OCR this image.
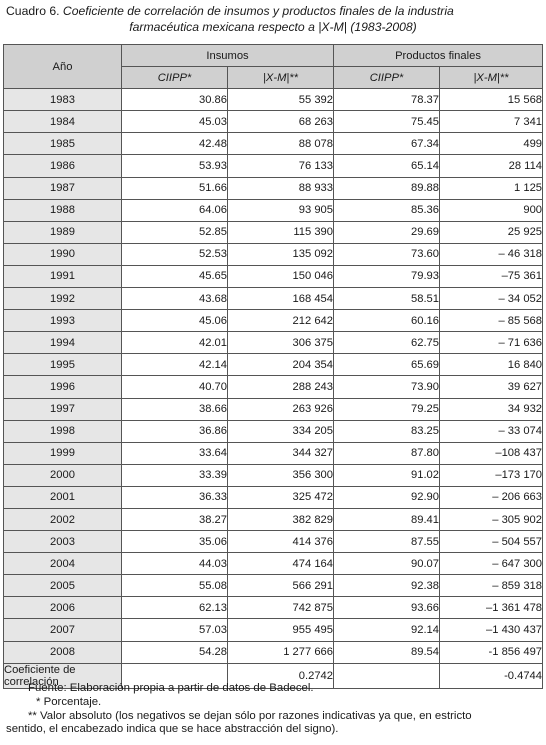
Cuadro 6. Coeficiente de correlación de insumos y productos finales de la industria
farmacéutica mexicana respecto a |X-M| (1983-2008)
Año	Insumos		Productos finales	
	CIIPP*	|X-M|**	CIIPP*	|X-M|**
1983	30.86	55 392	78.37	15 568
1984	45.03	68 263	75.45	7 341
1985	42.48	88 078	67.34	499
1986	53.93	76 133	65.14	28 114
1987	51.66	88 933	89.88	1 125
1988	64.06	93 905	85.36	900
1989	52.85	115 390	29.69	25 925
1990	52.53	135 092	73.60	– 46 318
1991	45.65	150 046	79.93	–75 361
1992	43.68	168 454	58.51	– 34 052
1993	45.06	212 642	60.16	– 85 568
1994	42.01	306 375	62.75	– 71 636
1995	42.14	204 354	65.69	16 840
1996	40.70	288 243	73.90	39 627
1997	38.66	263 926	79.25	34 932
1998	36.86	334 205	83.25	– 33 074
1999	33.64	344 327	87.80	–108 437
2000	33.39	356 300	91.02	–173 170
2001	36.33	325 472	92.90	– 206 663
2002	38.27	382 829	89.41	– 305 902
2003	35.06	414 376	87.55	– 504 557
2004	44.03	474 164	90.07	– 647 300
2005	55.08	566 291	92.38	– 859 318
2006	62.13	742 875	93.66	–1 361 478
2007	57.03	955 495	92.14	–1 430 437
2008	54.28	1 277 666	89.54	-1 856 497
Coeficiente de
correlación		0.2742		-0.4744
Fuente: Elaboración propia a partir de datos de Badecel.
* Porcentaje.
** Valor absoluto (los negativos se dejan sólo por razones indicativas ya que, en estricto
sentido, el encabezado indica que se hace abstracción del signo).
